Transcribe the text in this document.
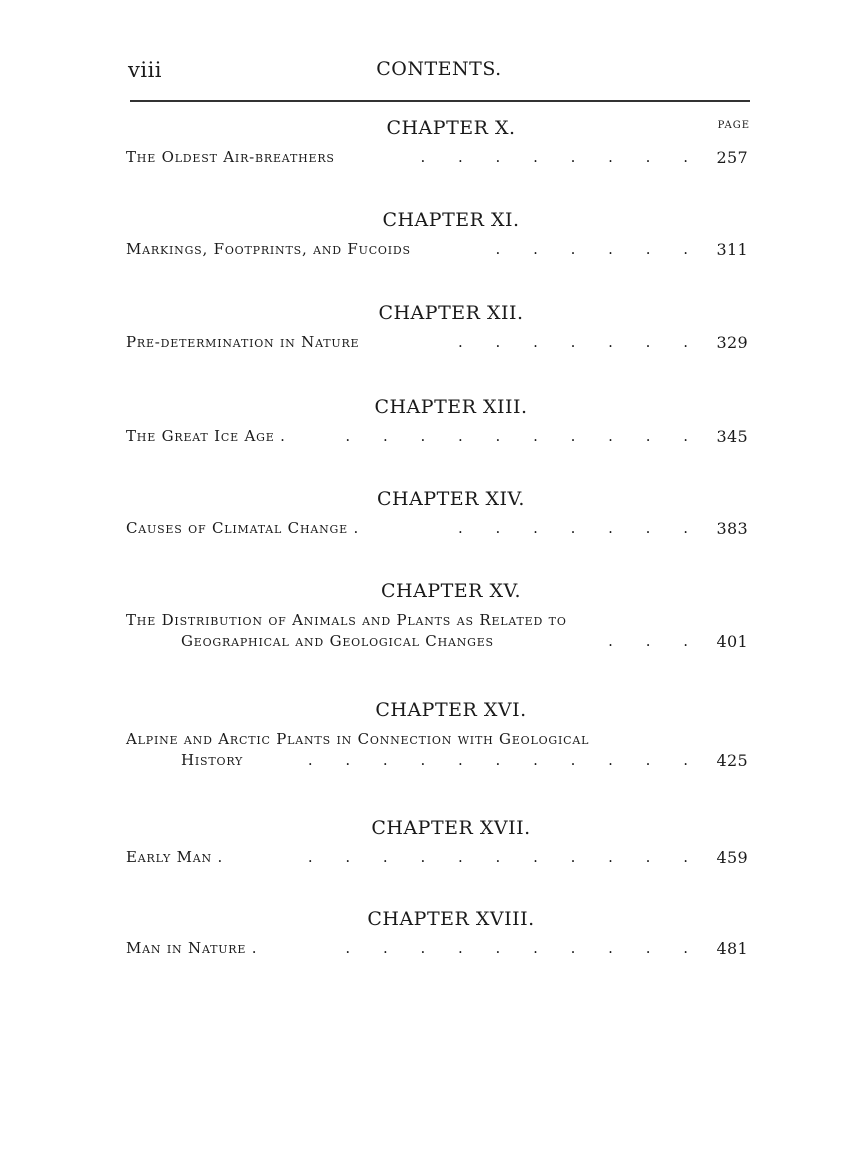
viii	CONTENTS.
PAGE
CHAPTER X.
The Oldest Air-breathers	. . . . . . . . 257
CHAPTER XI.
Markings, Footprints, and Fucoids	. . . . . . 311
CHAPTER XII.
Pre-determination in Nature	. . . . . . . 329
CHAPTER XIII.
The Great Ice Age .	. . . . . . . . . . 345
CHAPTER XIV.
Causes of Climatal Change .	. . . . . . . 383
CHAPTER XV.
The Distribution of Animals and Plants as Related to
Geographical and Geological Changes	. . . 401
CHAPTER XVI.
Alpine and Arctic Plants in Connection with Geological
History	. . . . . . . . . . . 425
CHAPTER XVII.
Early Man .	. . . . . . . . . . . 459
CHAPTER XVIII.
Man in Nature .	. . . . . . . . . . 481
